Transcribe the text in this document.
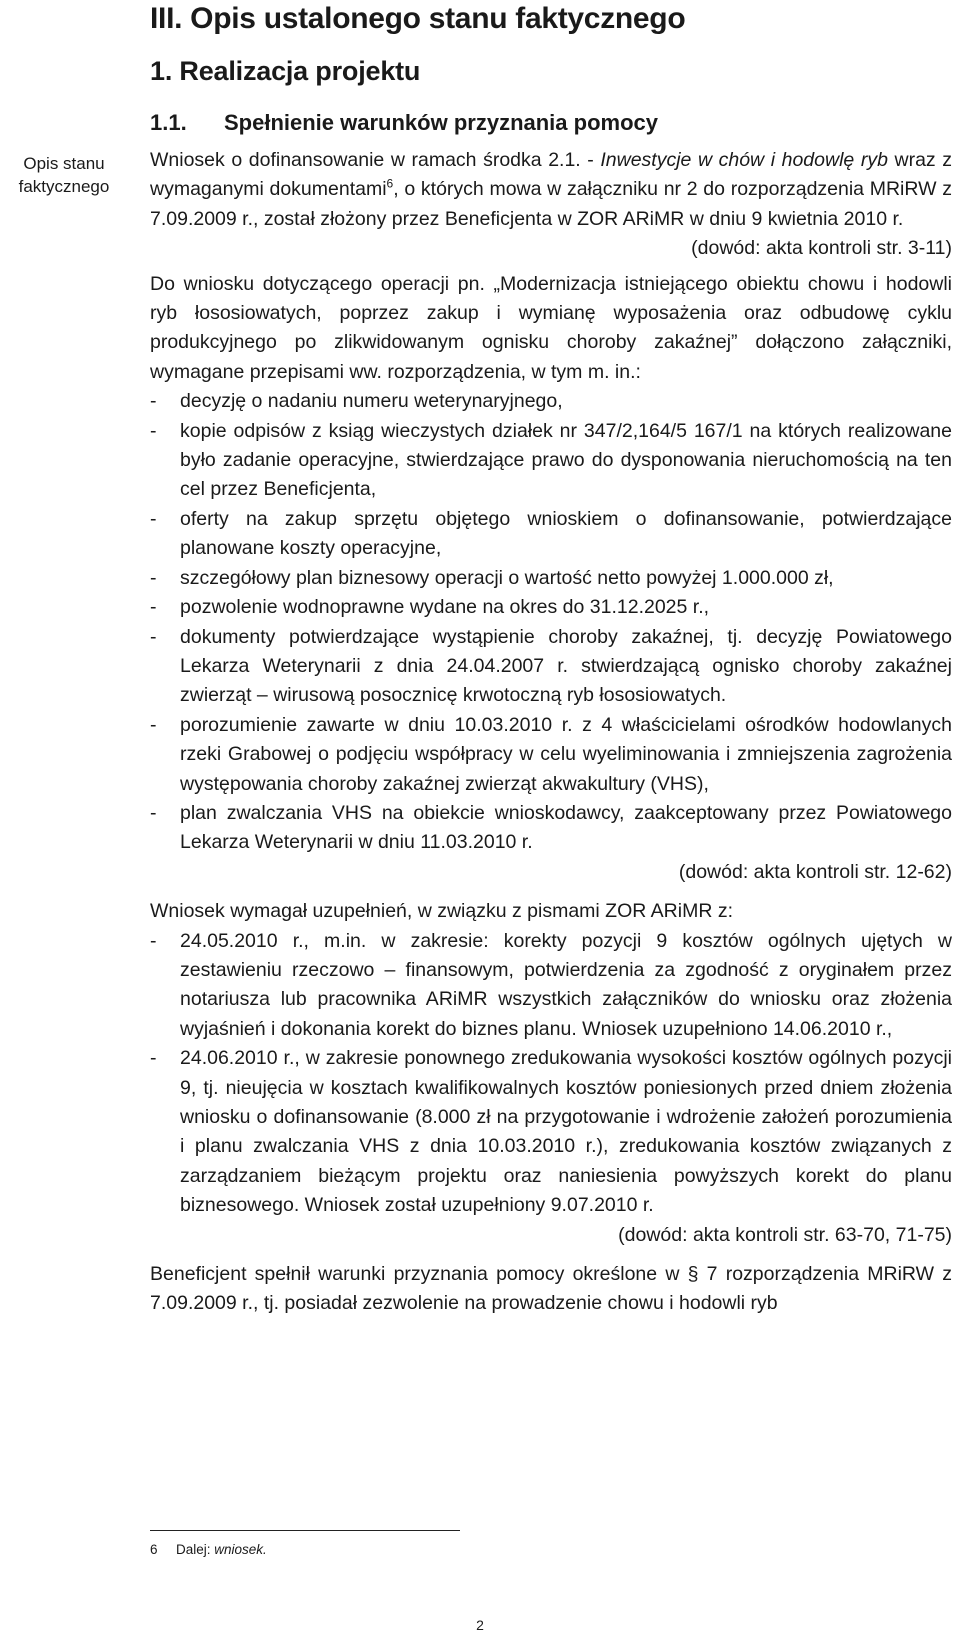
Opis stanu faktycznego
III. Opis ustalonego stanu faktycznego
1. Realizacja projektu
1.1. Spełnienie warunków przyznania pomocy

Wniosek o dofinansowanie w ramach środka 2.1. - Inwestycje w chów i hodowlę ryb wraz z wymaganymi dokumentami$^6$, o których mowa w załączniku nr 2 do rozporządzenia MRiRW z 7.09.2009 r., został złożony przez Beneficjenta w ZOR ARiMR w dniu 9 kwietnia 2010 r.

(dowód: akta kontroli str. 3-11)

Do wniosku dotyczącego operacji pn. „Modernizacja istniejącego obiektu chowu i hodowli ryb łososiowatych, poprzez zakup i wymianę wyposażenia oraz odbudowę cyklu produkcyjnego po zlikwidowanym ognisku choroby zakaźnej” dołączono załączniki, wymagane przepisami ww. rozporządzenia, w tym m. in.:

- decyzję o nadaniu numeru weterynaryjnego,
- kopie odpisów z ksiąg wieczystych działek nr 347/2,164/5 167/1 na których realizowane było zadanie operacyjne, stwierdzające prawo do dysponowania nieruchomością na ten cel przez Beneficjenta,
- oferty na zakup sprzętu objętego wnioskiem o dofinansowanie, potwierdzające planowane koszty operacyjne,
- szczegółowy plan biznesowy operacji o wartość netto powyżej 1.000.000 zł,
- pozwolenie wodnoprawne wydane na okres do 31.12.2025 r.,
- dokumenty potwierdzające wystąpienie choroby zakaźnej, tj. decyzję Powiatowego Lekarza Weterynarii z dnia 24.04.2007 r. stwierdzającą ognisko choroby zakaźnej zwierząt – wirusową posocznicę krwotoczną ryb łososiowatych.
- porozumienie zawarte w dniu 10.03.2010 r. z 4 właścicielami ośrodków hodowlanych rzeki Grabowej o podjęciu współpracy w celu wyeliminowania i zmniejszenia zagrożenia występowania choroby zakaźnej zwierząt akwakultury (VHS),
- plan zwalczania VHS na obiekcie wnioskodawcy, zaakceptowany przez Powiatowego Lekarza Weterynarii w dniu 11.03.2010 r.

(dowód: akta kontroli str. 12-62)

Wniosek wymagał uzupełnień, w związku z pismami ZOR ARiMR z:

- 24.05.2010 r., m.in. w zakresie: korekty pozycji 9 kosztów ogólnych ujętych w zestawieniu rzeczowo – finansowym, potwierdzenia za zgodność z oryginałem przez notariusza lub pracownika ARiMR wszystkich załączników do wniosku oraz złożenia wyjaśnień i dokonania korekt do biznes planu. Wniosek uzupełniono 14.06.2010 r.,
- 24.06.2010 r., w zakresie ponownego zredukowania wysokości kosztów ogólnych pozycji 9, tj. nieujęcia w kosztach kwalifikowalnych kosztów poniesionych przed dniem złożenia wniosku o dofinansowanie (8.000 zł na przygotowanie i wdrożenie założeń porozumienia i planu zwalczania VHS z dnia 10.03.2010 r.), zredukowania kosztów związanych z zarządzaniem bieżącym projektu oraz naniesienia powyższych korekt do planu biznesowego. Wniosek został uzupełniony 9.07.2010 r.

(dowód: akta kontroli str. 63-70, 71-75)

Beneficjent spełnił warunki przyznania pomocy określone w § 7 rozporządzenia MRiRW z 7.09.2009 r., tj. posiadał zezwolenie na prowadzenie chowu i hodowli ryb

6 Dalej: wniosek.
2
